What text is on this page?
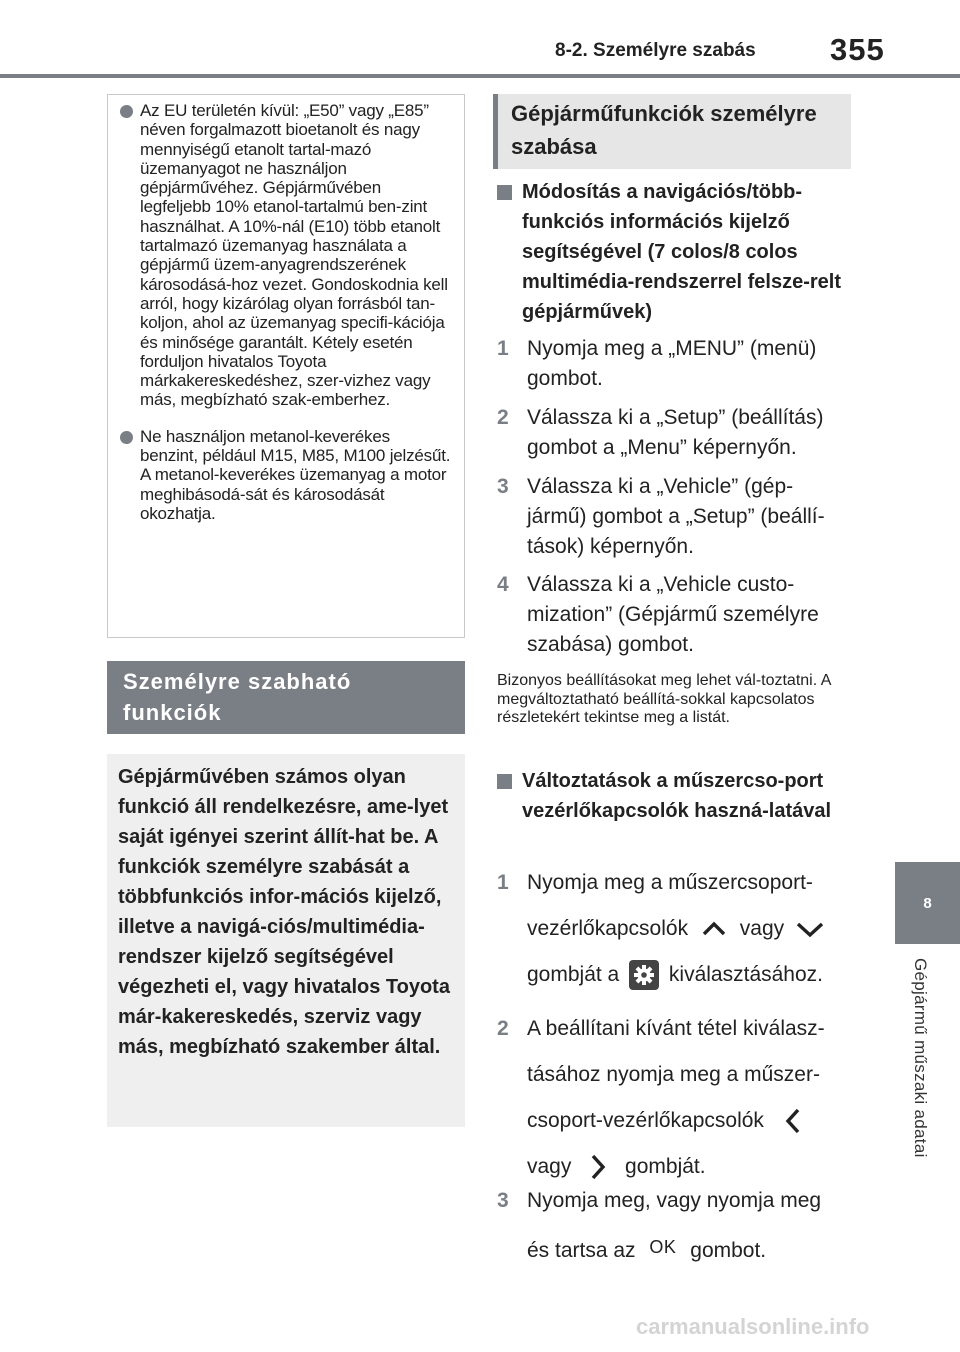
8-2. Személyre szabás 355
8
Gépjármű műszaki adatai
Az EU területén kívül: „E50” vagy „E85” néven forgalmazott bioetanolt és nagy mennyiségű etanolt tartal-mazó üzemanyagot ne használjon gépjárművéhez. Gépjárművében legfeljebb 10% etanol-tartalmú ben-zint használhat. A 10%-nál (E10) több etanolt tartalmazó üzemanyag használata a gépjármű üzem-anyagrendszerének károsodásá-hoz vezet. Gondoskodnia kell arról, hogy kizárólag olyan forrásból tan-koljon, ahol az üzemanyag specifi-kációja és minősége garantált. Kétely esetén forduljon hivatalos Toyota márkakereskedéshez, szer-vizhez vagy más, megbízható szak-emberhez.
Ne használjon metanol-keverékes benzint, például M15, M85, M100 jelzésűt. A metanol-keverékes üzemanyag a motor meghibásodá-sát és károsodását okozhatja.
Személyre szabható funkciók
Gépjárművében számos olyan funkció áll rendelkezésre, ame-lyet saját igényei szerint állít-hat be. A funkciók személyre szabását a többfunkciós infor-mációs kijelző, illetve a navigá-ciós/multimédia-rendszer kijelző segítségével végezheti el, vagy hivatalos Toyota már-kakereskedés, szerviz vagy más, megbízható szakember által.
Gépjárműfunkciók személyre szabása
Módosítás a navigációs/több-funkciós információs kijelző segítségével (7 colos/8 colos multimédia-rendszerrel felsze-relt gépjárművek)
1 Nyomja meg a „MENU” (menü) gombot.
2 Válassza ki a „Setup” (beállítás) gombot a „Menu” képernyőn.
3 Válassza ki a „Vehicle” (gép-jármű) gombot a „Setup” (beállí-tások) képernyőn.
4 Válassza ki a „Vehicle custo-mization” (Gépjármű személyre szabása) gombot.
Bizonyos beállításokat meg lehet vál-toztatni. A megváltoztatható beállítá-sokkal kapcsolatos részletekért tekintse meg a listát.
Változtatások a műszercso-port vezérlőkapcsolók haszná-latával
1 Nyomja meg a műszercsoport-
vezérlőkapcsolók vagy
gombját a kiválasztásához.
2 A beállítani kívánt tétel kiválasz-
tásához nyomja meg a műszer-
csoport-vezérlőkapcsolók
vagy	gombját.
3 Nyomja meg, vagy nyomja meg
és tartsa az OK gombot.
carmanualsonline.info
